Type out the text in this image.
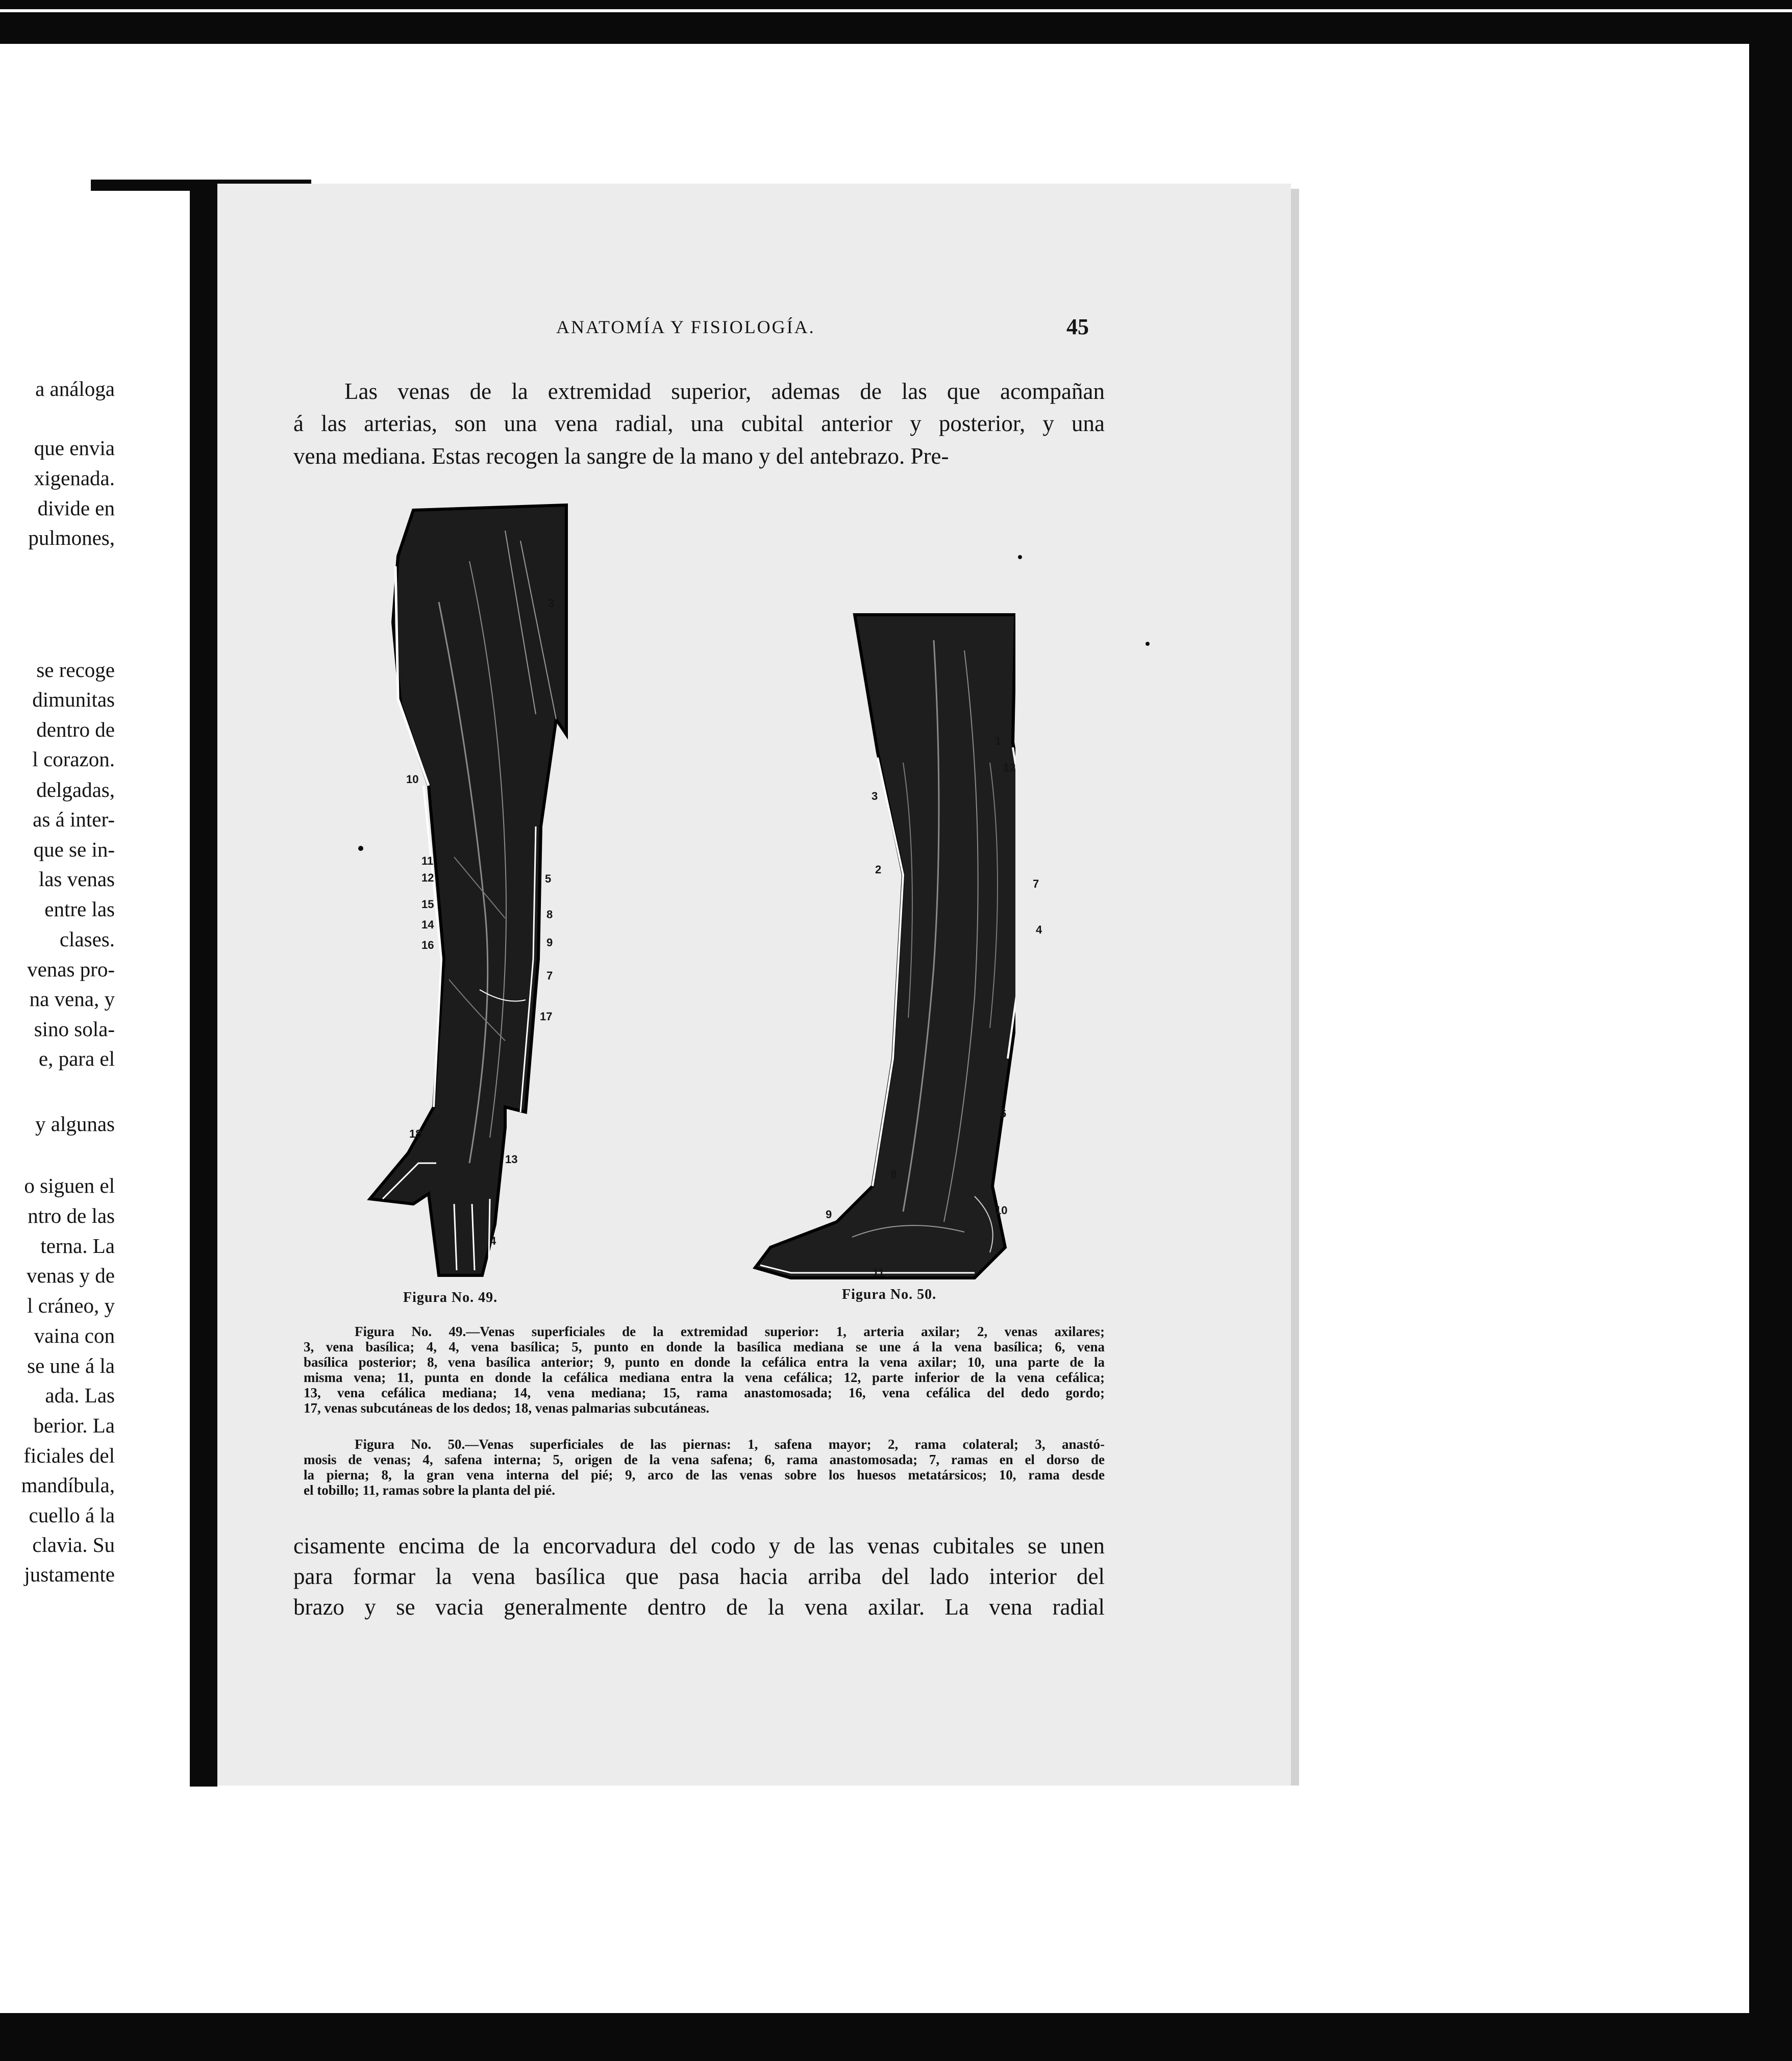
a análoga
que envia
xigenada.
divide en
pulmones,
se recoge
dimunitas
dentro de
l corazon.
delgadas,
as á inter-
que se in-
las venas
entre las
clases.
venas pro-
na vena, y
sino sola-
e, para el
y algunas
o siguen el
ntro de las
terna. La
venas y de
l cráneo, y
vaina con
se une á la
ada. Las
berior. La
ficiales del
mandíbula,
cuello á la
clavia. Su
justamente
ANATOMÍA Y FISIOLOGÍA.	45
Las venas de la extremidad superior, ademas de las que acompañan
á las arterias, son una vena radial, una cubital anterior y posterior, y una
vena mediana. Estas recogen la sangre de la mano y del antebrazo. Pre-
3
10
11
12
15
14
16
5
8
9
7
17
18
13
4
1
12
3
2
7
4
6
8
9	10
11
Figura No. 49.	Figura No. 50.
Figura No. 49.—Venas superficiales de la extremidad superior: 1, arteria axilar; 2, venas axilares;
3, vena basílica; 4, 4, vena basílica; 5, punto en donde la basílica mediana se une á la vena basílica; 6, vena
basílica posterior; 8, vena basílica anterior; 9, punto en donde la cefálica entra la vena axilar; 10, una parte de la
misma vena; 11, punta en donde la cefálica mediana entra la vena cefálica; 12, parte inferior de la vena cefálica;
13, vena cefálica mediana; 14, vena mediana; 15, rama anastomosada; 16, vena cefálica del dedo gordo;
17, venas subcutáneas de los dedos; 18, venas palmarias subcutáneas.
Figura No. 50.—Venas superficiales de las piernas: 1, safena mayor; 2, rama colateral; 3, anastó-
mosis de venas; 4, safena interna; 5, origen de la vena safena; 6, rama anastomosada; 7, ramas en el dorso de
la pierna; 8, la gran vena interna del pié; 9, arco de las venas sobre los huesos metatársicos; 10, rama desde
el tobillo; 11, ramas sobre la planta del pié.
cisamente encima de la encorvadura del codo y de las venas cubitales se unen
para formar la vena basílica que pasa hacia arriba del lado interior del
brazo y se vacia generalmente dentro de la vena axilar. La vena radial
